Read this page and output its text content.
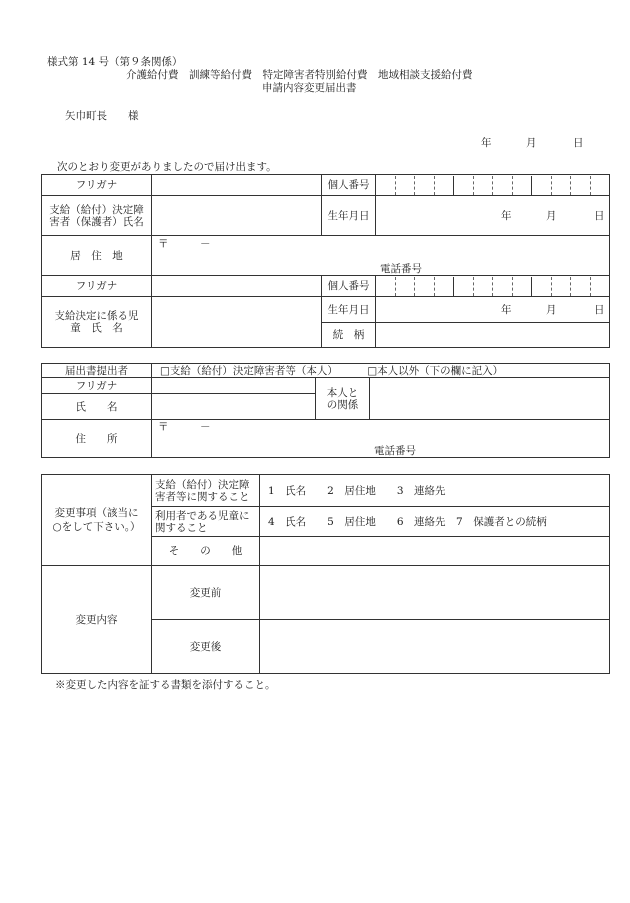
様式第 14 号（第９条関係）
介護給付費　訓練等給付費　特定障害者特別給付費　地域相談支援給付費
申請内容変更届出書
矢巾町長　　様
年	月	日
次のとおり変更がありましたので届け出ます。
フリガナ		個人番号	

支給（給付）決定障害者（保護者）氏名		生年月日	年 月 日

居　住　地	〒　　　－
電話番号		

フリガナ		個人番号	

支給決定に係る児　童　氏　名		生年月日	年 月 日

		続　柄	
届出書提出者	□支給（給付）決定障害者等（本人） □本人以外（下の欄に記入）		
フリガナ		本人との関係	
氏　　名			
住　　所	〒　　　－
電話番号		
変更事項（該当に○をして下さい。）	支給（給付）決定障害者等に関すること	1　氏名　　2　居住地　　3　連絡先
	利用者である児童に関すること	4　氏名　　5　居住地　　6　連絡先　7　保護者との続柄
	そ　　の　　他	
変更内容	変更前	
	変更後	
※変更した内容を証する書類を添付すること。
